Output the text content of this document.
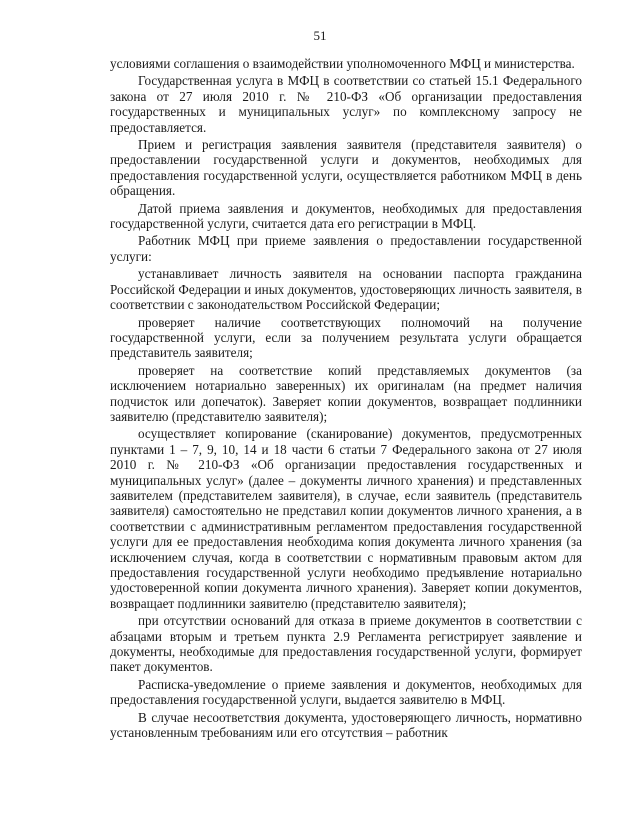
51

условиями соглашения о взаимодействии уполномоченного МФЦ и министерства.

Государственная услуга в МФЦ в соответствии со статьей 15.1 Федерального закона от 27 июля 2010 г. № 210-ФЗ «Об организации предоставления государственных и муниципальных услуг» по комплексному запросу не предоставляется.

Прием и регистрация заявления заявителя (представителя заявителя) о предоставлении государственной услуги и документов, необходимых для предоставления государственной услуги, осуществляется работником МФЦ в день обращения.

Датой приема заявления и документов, необходимых для предоставления государственной услуги, считается дата его регистрации в МФЦ.

Работник МФЦ при приеме заявления о предоставлении государственной услуги:

устанавливает личность заявителя на основании паспорта гражданина Российской Федерации и иных документов, удостоверяющих личность заявителя, в соответствии с законодательством Российской Федерации;

проверяет наличие соответствующих полномочий на получение государственной услуги, если за получением результата услуги обращается представитель заявителя;

проверяет на соответствие копий представляемых документов (за исключением нотариально заверенных) их оригиналам (на предмет наличия подчисток или допечаток). Заверяет копии документов, возвращает подлинники заявителю (представителю заявителя);

осуществляет копирование (сканирование) документов, предусмотренных пунктами 1 – 7, 9, 10, 14 и 18 части 6 статьи 7 Федерального закона от 27 июля 2010 г. № 210-ФЗ «Об организации предоставления государственных и муниципальных услуг» (далее – документы личного хранения) и представленных заявителем (представителем заявителя), в случае, если заявитель (представитель заявителя) самостоятельно не представил копии документов личного хранения, а в соответствии с административным регламентом предоставления государственной услуги для ее предоставления необходима копия документа личного хранения (за исключением случая, когда в соответствии с нормативным правовым актом для предоставления государственной услуги необходимо предъявление нотариально удостоверенной копии документа личного хранения). Заверяет копии документов, возвращает подлинники заявителю (представителю заявителя);

при отсутствии оснований для отказа в приеме документов в соответствии с абзацами вторым и третьем пункта 2.9 Регламента регистрирует заявление и документы, необходимые для предоставления государственной услуги, формирует пакет документов.

Расписка-уведомление о приеме заявления и документов, необходимых для предоставления государственной услуги, выдается заявителю в МФЦ.

В случае несоответствия документа, удостоверяющего личность, нормативно установленным требованиям или его отсутствия – работник
